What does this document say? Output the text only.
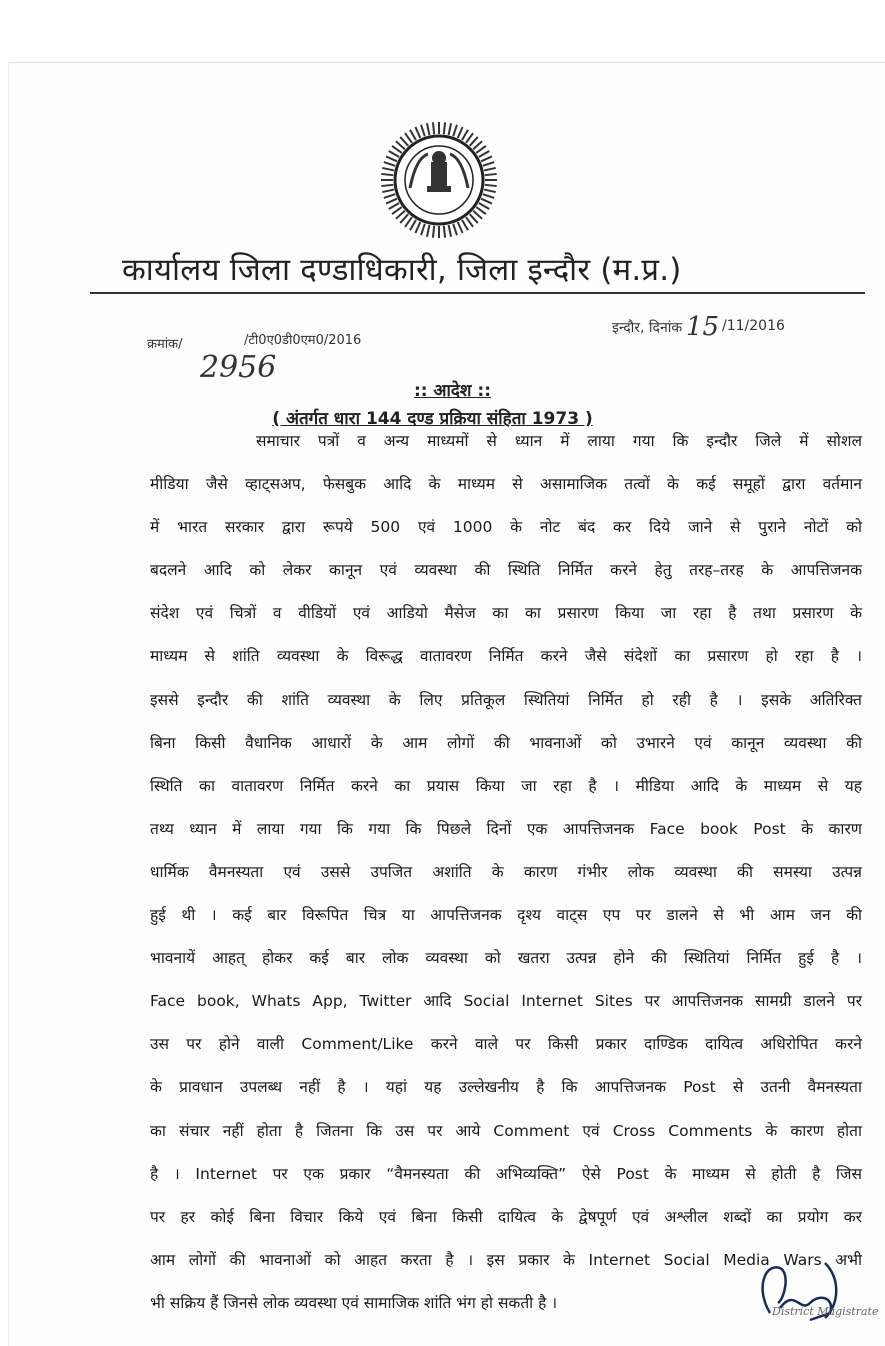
कार्यालय जिला दण्डाधिकारी, जिला इन्दौर (म.प्र.)
क्रमांक/	/टी0ए0डी0एम0/2016
2956
इन्दौर, दिनांक 15 /11/2016
:: आदेश ::
( अंतर्गत धारा 144 दण्ड प्रक्रिया संहिता 1973 )
समाचार पत्रों व अन्य माध्यमों से ध्यान में लाया गया कि इन्दौर जिले में सोशल
मीडिया जैसे व्हाट्सअप, फेसबुक आदि के माध्यम से असामाजिक तत्वों के कई समूहों द्वारा वर्तमान
में भारत सरकार द्वारा रूपये 500 एवं 1000 के नोट बंद कर दिये जाने से पुराने नोटों को
बदलने आदि को लेकर कानून एवं व्यवस्था की स्थिति निर्मित करने हेतु तरह–तरह के आपत्तिजनक
संदेश एवं चित्रों व वीडियों एवं आडियो मैसेज का का प्रसारण किया जा रहा है तथा प्रसारण के
माध्यम से शांति व्यवस्था के विरूद्ध वातावरण निर्मित करने जैसे संदेशों का प्रसारण हो रहा है ।
इससे इन्दौर की शांति व्यवस्था के लिए प्रतिकूल स्थितियां निर्मित हो रही है । इसके अतिरिक्त
बिना किसी वैधानिक आधारों के आम लोगों की भावनाओं को उभारने एवं कानून व्यवस्था की
स्थिति का वातावरण निर्मित करने का प्रयास किया जा रहा है । मीडिया आदि के माध्यम से यह
तथ्य ध्यान में लाया गया कि गया कि पिछले दिनों एक आपत्तिजनक Face book Post के कारण
धार्मिक वैमनस्यता एवं उससे उपजित अशांति के कारण गंभीर लोक व्यवस्था की समस्या उत्पन्न
हुई थी । कई बार विरूपित चित्र या आपत्तिजनक दृश्य वाट्स एप पर डालने से भी आम जन की
भावनायें आहत् होकर कई बार लोक व्यवस्था को खतरा उत्पन्न होने की स्थितियां निर्मित हुई है ।
Face book, Whats App, Twitter आदि Social Internet Sites पर आपत्तिजनक सामग्री डालने पर
उस पर होने वाली Comment/Like करने वाले पर किसी प्रकार दाण्डिक दायित्व अधिरोपित करने
के प्रावधान उपलब्ध नहीं है । यहां यह उल्लेखनीय है कि आपत्तिजनक Post से उतनी वैमनस्यता
का संचार नहीं होता है जितना कि उस पर आये Comment एवं Cross Comments के कारण होता
है । Internet पर एक प्रकार “वैमनस्यता की अभिव्यक्ति” ऐसे Post के माध्यम से होती है जिस
पर हर कोई बिना विचार किये एवं बिना किसी दायित्व के द्वेषपूर्ण एवं अश्लील शब्दों का प्रयोग कर
आम लोगों की भावनाओं को आहत करता है । इस प्रकार के Internet Social Media Wars अभी
भी सक्रिय हैं जिनसे लोक व्यवस्था एवं सामाजिक शांति भंग हो सकती है ।	District Magistrate
